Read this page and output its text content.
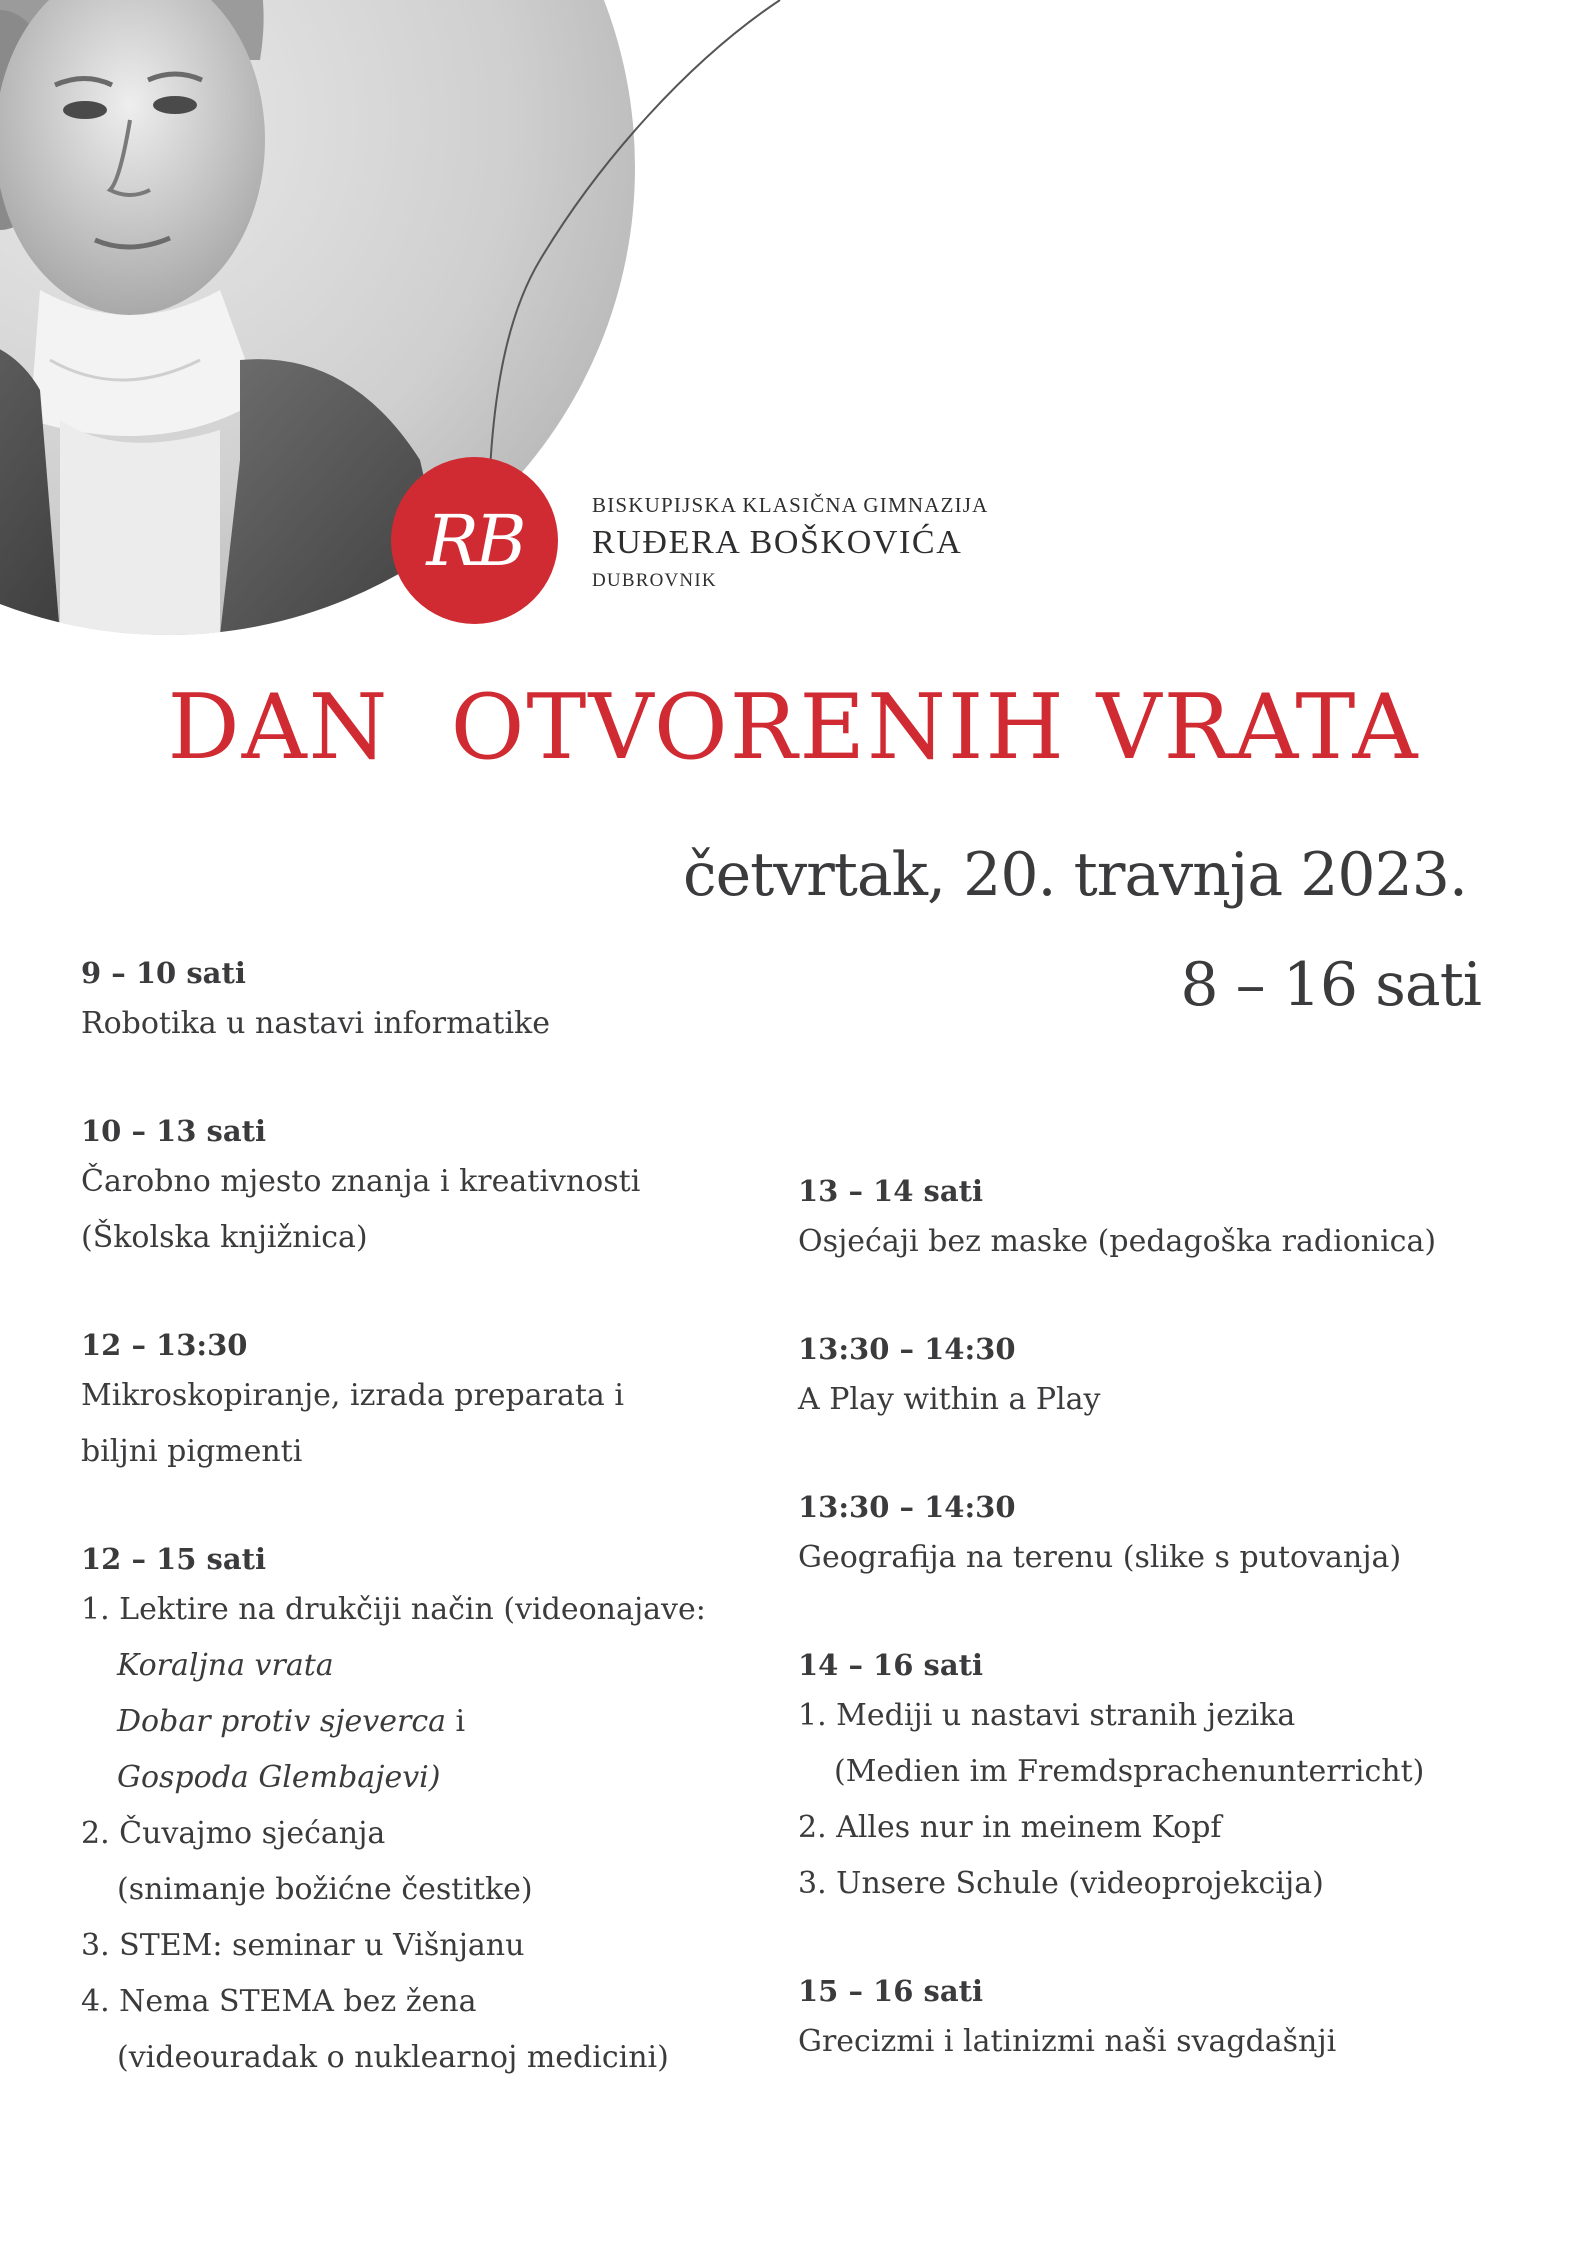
RB	BISKUPIJSKA KLASIČNA GIMNAZIJA
RUĐERA BOŠKOVIĆA
DUBROVNIK
DAN  OTVORENIH VRATA
četvrtak, 20. travnja 2023.
8 – 16 sati
9 – 10 sati
Robotika u nastavi informatike
10 – 13 sati
Čarobno mjesto znanja i kreativnosti
(Školska knjižnica)
12 – 13:30
Mikroskopiranje, izrada preparata i
biljni pigmenti
12 – 15 sati
1. Lektire na drukčiji način (videonajave:
Koraljna vrata
Dobar protiv sjeverca i
Gospoda Glembajevi)
2. Čuvajmo sjećanja
(snimanje božićne čestitke)
3. STEM: seminar u Višnjanu
4. Nema STEMA bez žena
(videouradak o nuklearnoj medicini)
13 – 14 sati
Osjećaji bez maske (pedagoška radionica)
13:30 – 14:30
A Play within a Play
13:30 – 14:30
Geografija na terenu (slike s putovanja)
14 – 16 sati
1. Mediji u nastavi stranih jezika
(Medien im Fremdsprachenunterricht)
2. Alles nur in meinem Kopf
3. Unsere Schule (videoprojekcija)
15 – 16 sati
Grecizmi i latinizmi naši svagdašnji
